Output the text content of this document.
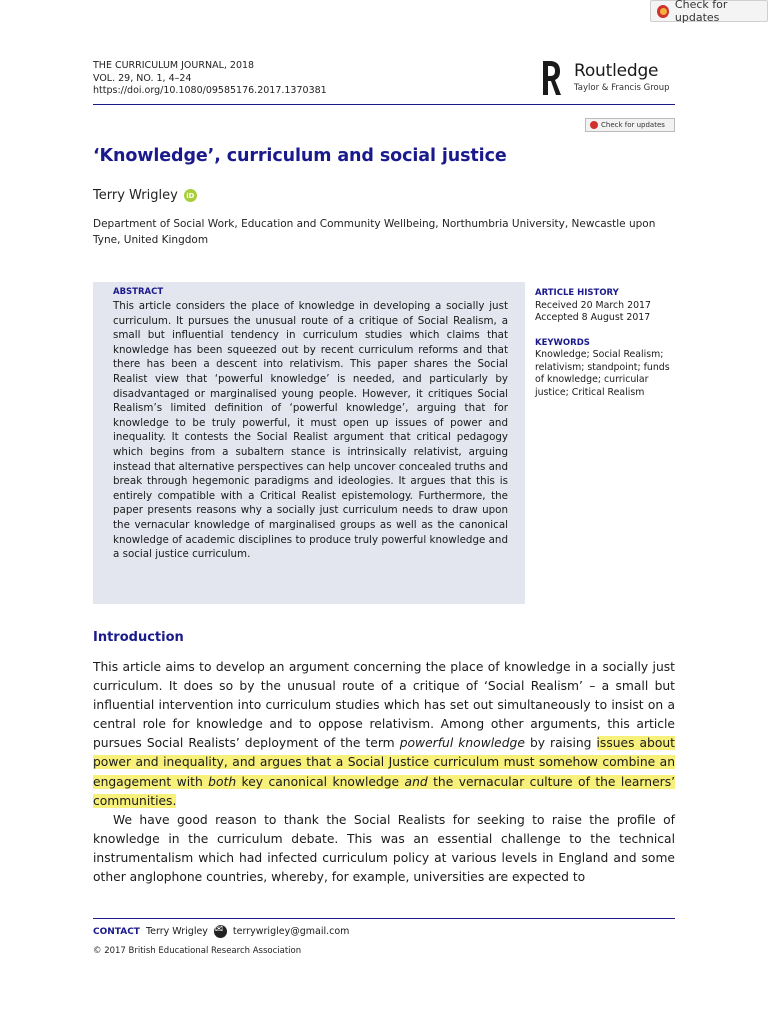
Check for updates
THE CURRICULUM JOURNAL, 2018
VOL. 29, NO. 1, 4–24
https://doi.org/10.1080/09585176.2017.1370381
Routledge
Taylor & Francis Group
Check for updates
‘Knowledge’, curriculum and social justice
Terry Wrigley	iD
Department of Social Work, Education and Community Wellbeing, Northumbria University, Newcastle upon Tyne, United Kingdom
ABSTRACT
This article considers the place of knowledge in developing a socially just curriculum. It pursues the unusual route of a critique of Social Realism, a small but influential tendency in curriculum studies which claims that knowledge has been squeezed out by recent curriculum reforms and that there has been a descent into relativism. This paper shares the Social Realist view that ‘powerful knowledge’ is needed, and particularly by disadvantaged or marginalised young people. However, it critiques Social Realism’s limited definition of ‘powerful knowledge’, arguing that for knowledge to be truly powerful, it must open up issues of power and inequality. It contests the Social Realist argument that critical pedagogy which begins from a subaltern stance is intrinsically relativist, arguing instead that alternative perspectives can help uncover concealed truths and break through hegemonic paradigms and ideologies. It argues that this is entirely compatible with a Critical Realist epistemology. Furthermore, the paper presents reasons why a socially just curriculum needs to draw upon the vernacular knowledge of marginalised groups as well as the canonical knowledge of academic disciplines to produce truly powerful knowledge and a social justice curriculum.
ARTICLE HISTORY
Received 20 March 2017
Accepted 8 August 2017
KEYWORDS
Knowledge; Social Realism; relativism; standpoint; funds of knowledge; curricular justice; Critical Realism
Introduction

This article aims to develop an argument concerning the place of knowledge in a socially just curriculum. It does so by the unusual route of a critique of ‘Social Realism’ – a small but influential intervention into curriculum studies which has set out simultaneously to insist on a central role for knowledge and to oppose relativism. Among other arguments, this article pursues Social Realists’ deployment of the term powerful knowledge by raising issues about power and inequality, and argues that a Social Justice curriculum must somehow combine an engagement with both key canonical knowledge and the vernacular culture of the learners’ communities.

We have good reason to thank the Social Realists for seeking to raise the profile of knowledge in the curriculum debate. This was an essential challenge to the technical instrumentalism which had infected curriculum policy at various levels in England and some other anglophone countries, whereby, for example, universities are expected to

CONTACT Terry Wrigley
✉	terrywrigley@gmail.com
© 2017 British Educational Research Association
